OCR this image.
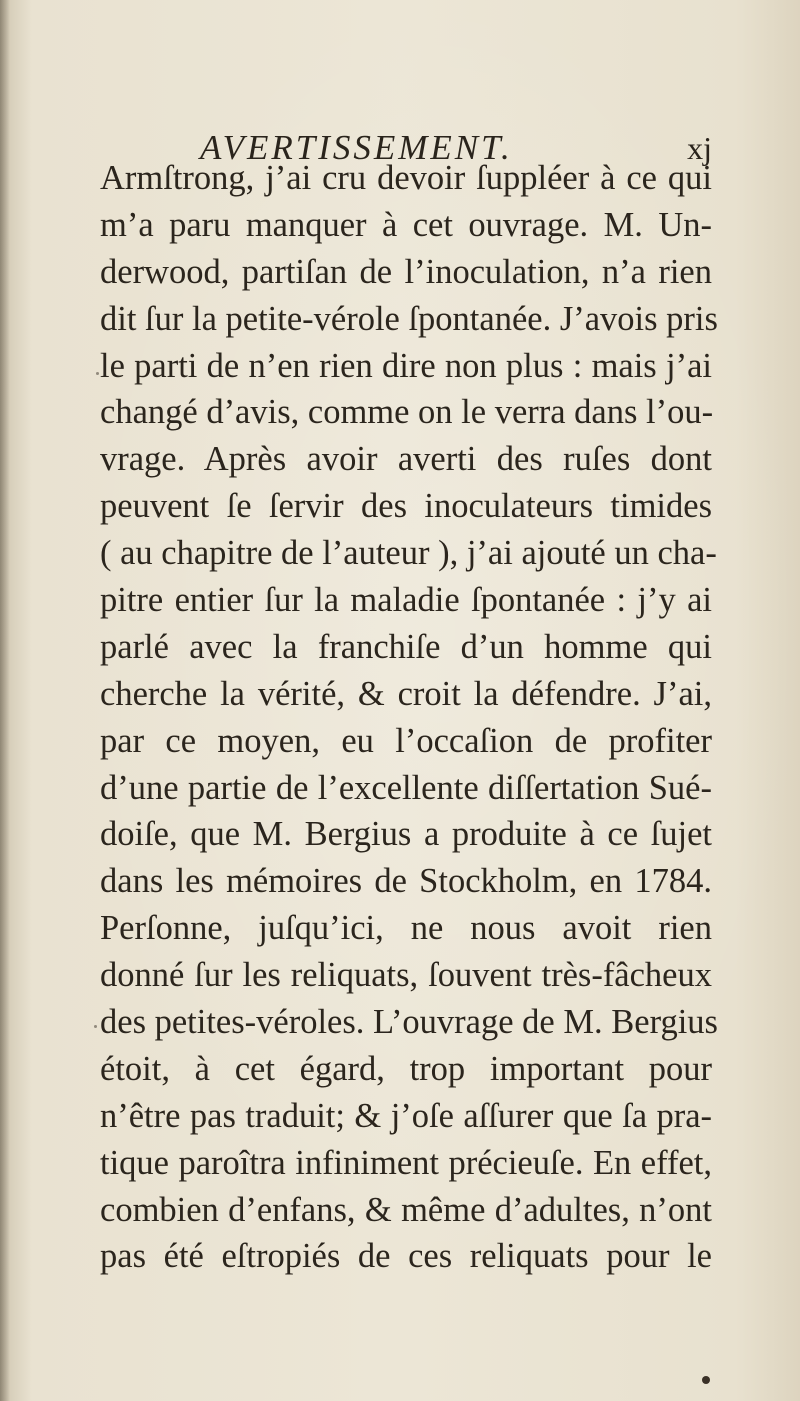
AVERTISSEMENT.	xj
Armſtrong, j’ai cru devoir ſuppléer à ce qui
m’a paru manquer à cet ouvrage. M. Un-
derwood, partiſan de l’inoculation, n’a rien
dit ſur la petite-vérole ſpontanée. J’avois pris
le parti de n’en rien dire non plus : mais j’ai
changé d’avis, comme on le verra dans l’ou-
vrage. Après avoir averti des ruſes dont
peuvent ſe ſervir des inoculateurs timides
( au chapitre de l’auteur ), j’ai ajouté un cha-
pitre entier ſur la maladie ſpontanée : j’y ai
parlé avec la franchiſe d’un homme qui
cherche la vérité, & croit la défendre. J’ai,
par ce moyen, eu l’occaſion de profiter
d’une partie de l’excellente diſſertation Sué-
doiſe, que M. Bergius a produite à ce ſujet
dans les mémoires de Stockholm, en 1784.
Perſonne, juſqu’ici, ne nous avoit rien
donné ſur les reliquats, ſouvent très-fâcheux
des petites-véroles. L’ouvrage de M. Bergius
étoit, à cet égard, trop important pour
n’être pas traduit; & j’oſe aſſurer que ſa pra-
tique paroîtra infiniment précieuſe. En effet,
combien d’enfans, & même d’adultes, n’ont
pas été eſtropiés de ces reliquats pour le
